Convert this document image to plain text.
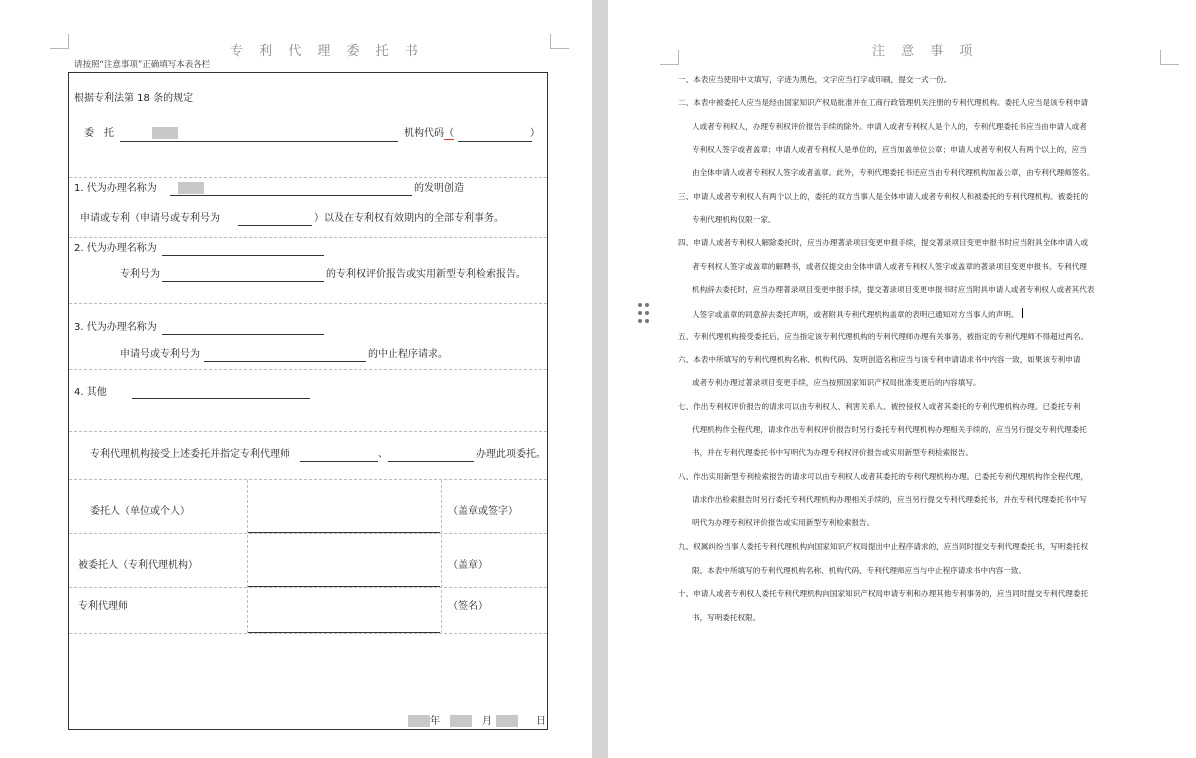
专 利 代 理 委 托 书
请按照“注意事项”正确填写本表各栏
根据专利法第 18 条的规定
委　托	机构代码（	）
1. 代为办理名称为	的发明创造
申请或专利（申请号或专利号为	）以及在专利权有效期内的全部专利事务。
2. 代为办理名称为
专利号为	的专利权评价报告或实用新型专利检索报告。
3. 代为办理名称为
申请号或专利号为	的中止程序请求。
4. 其他
专利代理机构接受上述委托并指定专利代理师	、	办理此项委托。
委托人（单位或个人）	（盖章或签字）
被委托人（专利代理机构）	（盖章）
专利代理师	（签名）
年	月	日
注 意 事 项
一、本表应当使用中文填写，字迹为黑色，文字应当打字或印刷，提交一式一份。
二、本表中被委托人应当是经由国家知识产权局批准并在工商行政管理机关注册的专利代理机构。委托人应当是该专利申请
人或者专利权人，办理专利权评价报告手续的除外。申请人或者专利权人是个人的，专利代理委托书应当由申请人或者
专利权人签字或者盖章；申请人或者专利权人是单位的，应当加盖单位公章；申请人或者专利权人有两个以上的，应当
由全体申请人或者专利权人签字或者盖章。此外，专利代理委托书还应当由专利代理机构加盖公章，由专利代理师签名。
三、申请人或者专利权人有两个以上的，委托的双方当事人是全体申请人或者专利权人和被委托的专利代理机构。被委托的
专利代理机构仅限一家。
四、申请人或者专利权人解除委托时，应当办理著录项目变更申报手续，提交著录项目变更申报书时应当附具全体申请人或
者专利权人签字或盖章的解聘书，或者仅提交由全体申请人或者专利权人签字或盖章的著录项目变更申报书。专利代理
机构辞去委托时，应当办理著录项目变更申报手续，提交著录项目变更申报书时应当附具申请人或者专利权人或者其代表
人签字或盖章的同意辞去委托声明，或者附具专利代理机构盖章的表明已通知对方当事人的声明。
五、专利代理机构接受委托后，应当指定该专利代理机构的专利代理师办理有关事务，被指定的专利代理师不得超过两名。
六、本表中所填写的专利代理机构名称、机构代码、发明创造名称应当与该专利申请请求书中内容一致，如果该专利申请
或者专利办理过著录项目变更手续，应当按照国家知识产权局批准变更后的内容填写。
七、作出专利权评价报告的请求可以由专利权人、利害关系人、被控侵权人或者其委托的专利代理机构办理。已委托专利
代理机构作全程代理，请求作出专利权评价报告时另行委托专利代理机构办理相关手续的，应当另行提交专利代理委托
书，并在专利代理委托书中写明代为办理专利权评价报告或实用新型专利检索报告。
八、作出实用新型专利检索报告的请求可以由专利权人或者其委托的专利代理机构办理。已委托专利代理机构作全程代理，
请求作出检索报告时另行委托专利代理机构办理相关手续的，应当另行提交专利代理委托书，并在专利代理委托书中写
明代为办理专利权评价报告或实用新型专利检索报告。
九、权属纠纷当事人委托专利代理机构向国家知识产权局提出中止程序请求的，应当同时提交专利代理委托书，写明委托权
限。本表中所填写的专利代理机构名称、机构代码、专利代理师应当与中止程序请求书中内容一致。
十、申请人或者专利权人委托专利代理机构向国家知识产权局申请专利和办理其他专利事务的，应当同时提交专利代理委托
书，写明委托权限。
